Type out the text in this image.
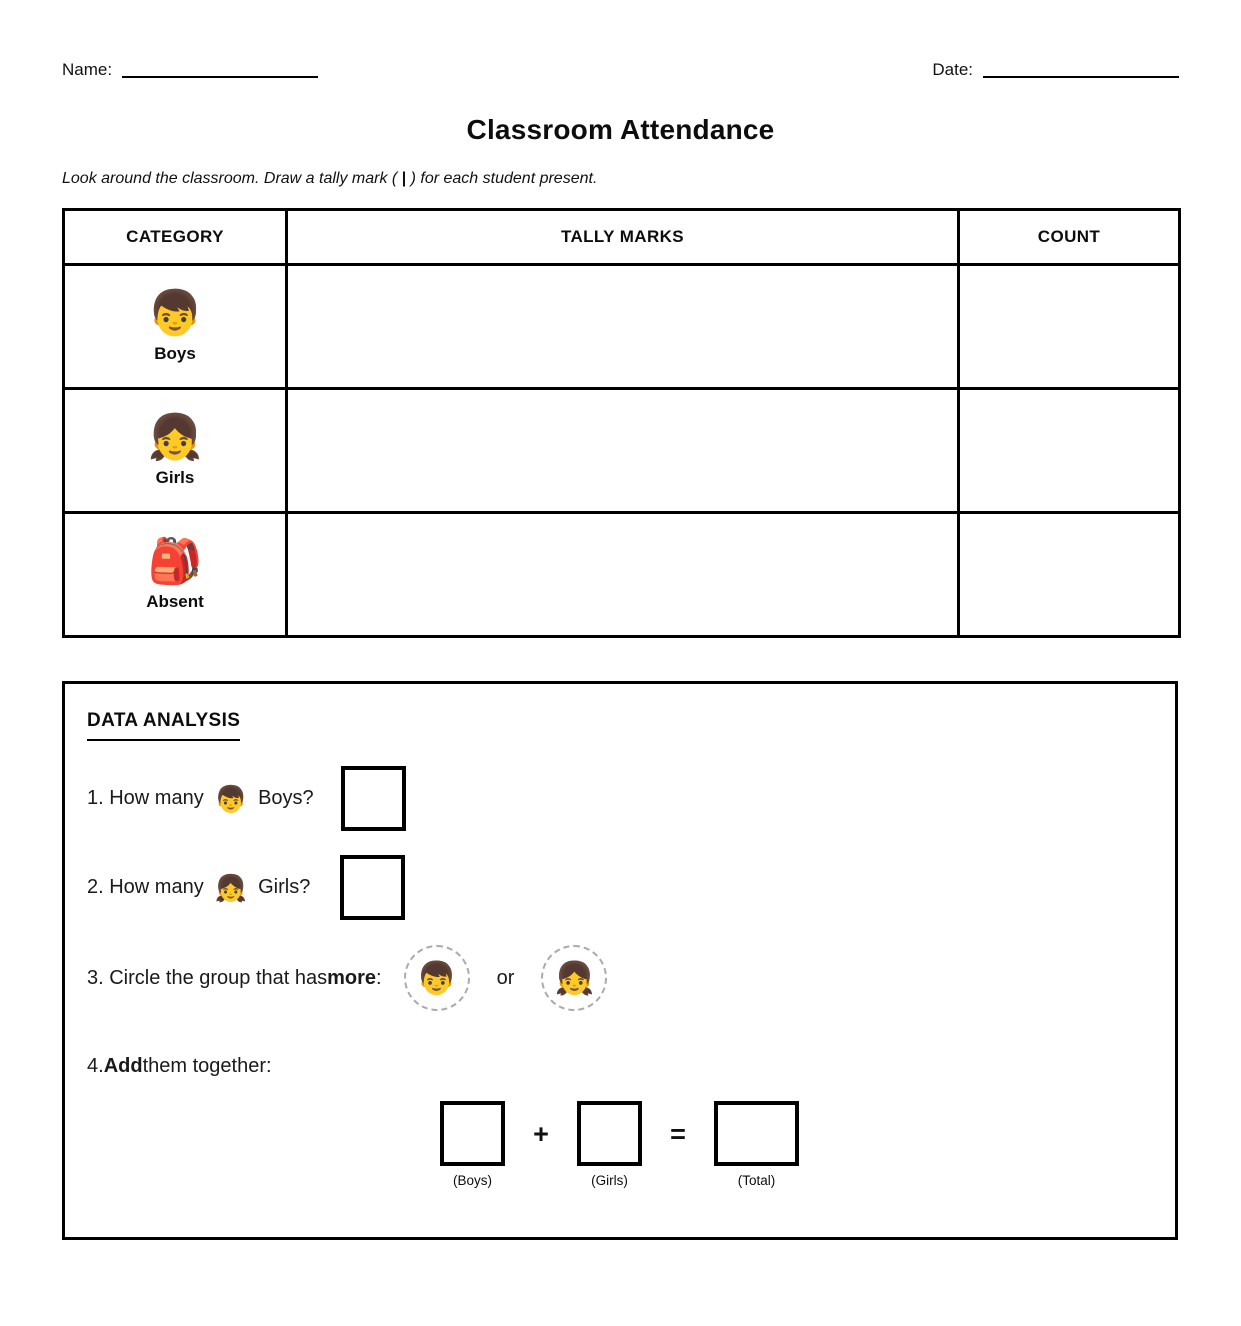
Name:	Date:
Classroom Attendance

Look around the classroom. Draw a tally mark ( | ) for each student present.

CATEGORY	TALLY MARKS	COUNT

👦
Boys		

👧
Girls		

🎒
Absent		

DATA ANALYSIS
1. How many 👦 Boys?
2. How many 👧 Girls?
3. Circle the group that hasmore: 👦 or 👧
4. Add them together:
(Boys)
+
(Girls)
=
(Total)
